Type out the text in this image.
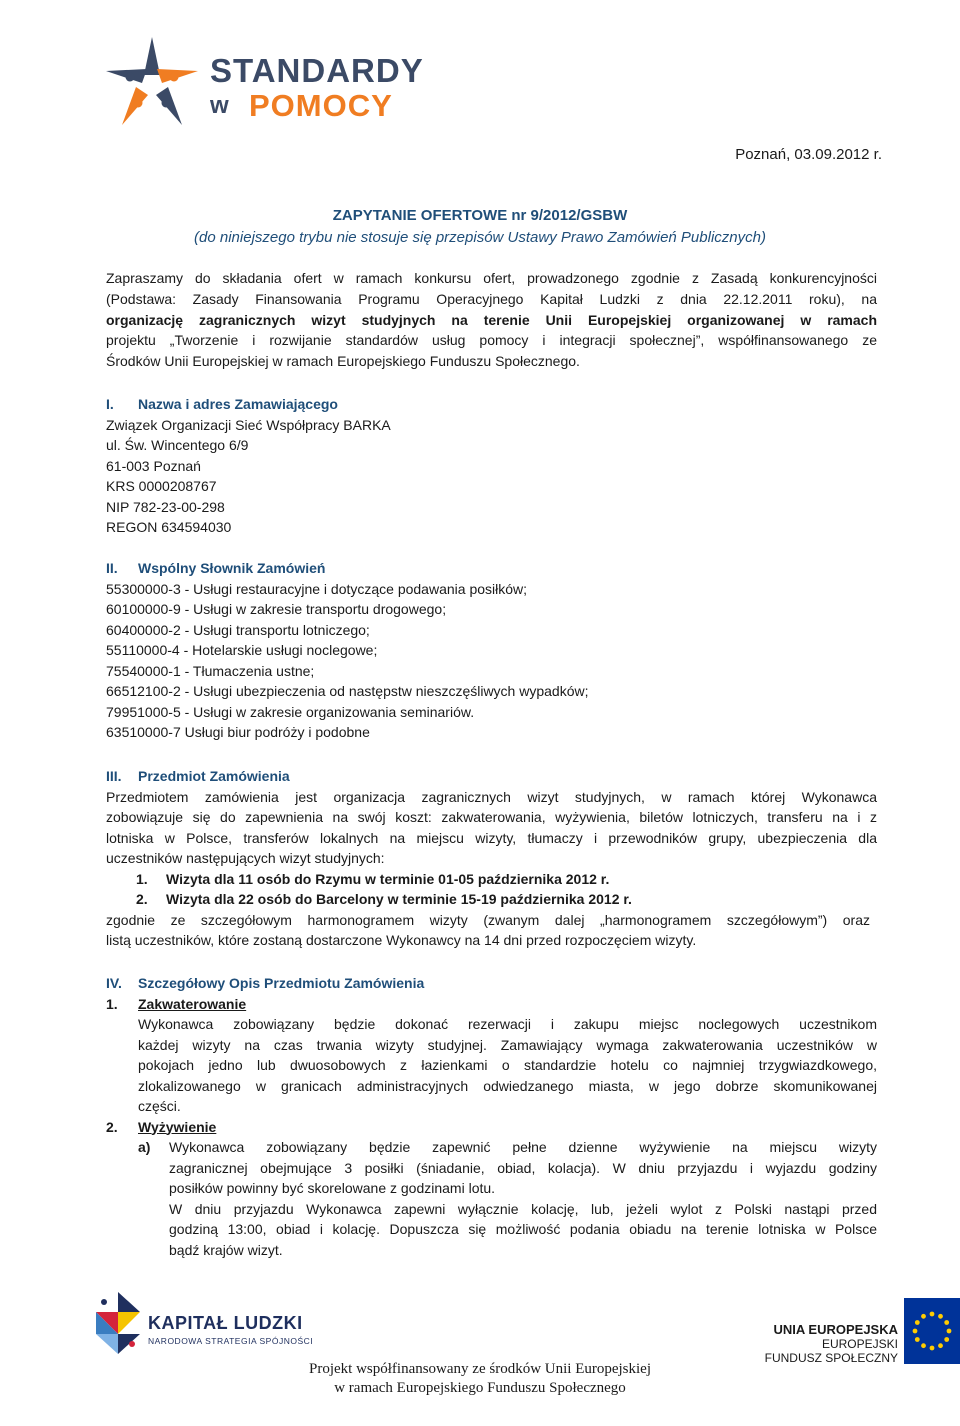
STANDARDY
w POMOCY
Poznań, 03.09.2012 r.
ZAPYTANIE OFERTOWE nr 9/2012/GSBW
(do niniejszego trybu nie stosuje się przepisów Ustawy Prawo Zamówień Publicznych)
Zapraszamy do składania ofert w ramach konkursu ofert, prowadzonego zgodnie z Zasadą konkurencyjności
(Podstawa: Zasady Finansowania Programu Operacyjnego Kapitał Ludzki z dnia 22.12.2011 roku), na
organizację zagranicznych wizyt studyjnych na terenie Unii Europejskiej organizowanej w ramach
projektu „Tworzenie i rozwijanie standardów usług pomocy i integracji społecznej”, współfinansowanego ze
Środków Unii Europejskiej w ramach Europejskiego Funduszu Społecznego.
I. Nazwa i adres Zamawiającego
Związek Organizacji Sieć Współpracy BARKA
ul. Św. Wincentego 6/9
61-003 Poznań
KRS 0000208767
NIP 782-23-00-298
REGON 634594030
II. Wspólny Słownik Zamówień
55300000-3 - Usługi restauracyjne i dotyczące podawania posiłków;
60100000-9 - Usługi w zakresie transportu drogowego;
60400000-2 - Usługi transportu lotniczego;
55110000-4 - Hotelarskie usługi noclegowe;
75540000-1 - Tłumaczenia ustne;
66512100-2 - Usługi ubezpieczenia od następstw nieszczęśliwych wypadków;
79951000-5 - Usługi w zakresie organizowania seminariów.
63510000-7 Usługi biur podróży i podobne
III. Przedmiot Zamówienia
Przedmiotem zamówienia jest organizacja zagranicznych wizyt studyjnych, w ramach której Wykonawca
zobowiązuje się do zapewnienia na swój koszt: zakwaterowania, wyżywienia, biletów lotniczych, transferu na i z
lotniska w Polsce, transferów lokalnych na miejscu wizyty, tłumaczy i przewodników grupy, ubezpieczenia dla
uczestników następujących wizyt studyjnych:
1. Wizyta dla 11 osób do Rzymu w terminie 01-05 października 2012 r.
2. Wizyta dla 22 osób do Barcelony w terminie 15-19 października 2012 r.
zgodnie ze szczegółowym harmonogramem wizyty (zwanym dalej „harmonogramem szczegółowym”) oraz
listą uczestników, które zostaną dostarczone Wykonawcy na 14 dni przed rozpoczęciem wizyty.
IV. Szczegółowy Opis Przedmiotu Zamówienia
1. Zakwaterowanie
Wykonawca zobowiązany będzie dokonać rezerwacji i zakupu miejsc noclegowych uczestnikom
każdej wizyty na czas trwania wizyty studyjnej. Zamawiający wymaga zakwaterowania uczestników w
pokojach jedno lub dwuosobowych z łazienkami o standardzie hotelu co najmniej trzygwiazdkowego,
zlokalizowanego w granicach administracyjnych odwiedzanego miasta, w jego dobrze skomunikowanej
części.
2. Wyżywienie
a) Wykonawca zobowiązany będzie zapewnić pełne dzienne wyżywienie na miejscu wizyty
zagranicznej obejmujące 3 posiłki (śniadanie, obiad, kolacja). W dniu przyjazdu i wyjazdu godziny
posiłków powinny być skorelowane z godzinami lotu.
W dniu przyjazdu Wykonawca zapewni wyłącznie kolację, lub, jeżeli wylot z Polski nastąpi przed
godziną 13:00, obiad i kolację. Dopuszcza się możliwość podania obiadu na terenie lotniska w Polsce
bądź krajów wizyt.
KAPITAŁ LUDZKI
NARODOWA STRATEGIA SPÓJNOŚCI
UNIA EUROPEJSKA
EUROPEJSKI
FUNDUSZ SPOŁECZNY
Projekt współfinansowany ze środków Unii Europejskiej
w ramach Europejskiego Funduszu Społecznego
